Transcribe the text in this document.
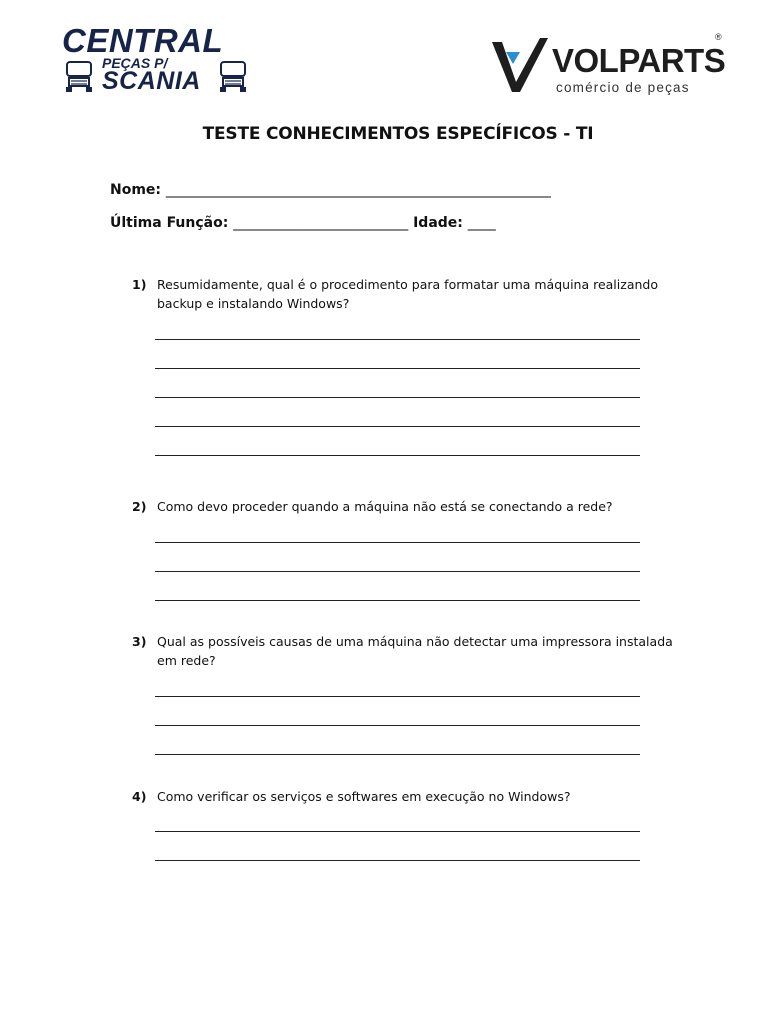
CENTRAL
PEÇAS P/
SCANIA
VOLPARTS
®
comércio de peças
TESTE CONHECIMENTOS ESPECÍFICOS - TI
Nome: _______________________________________________________
Última Função: _________________________ Idade: ____
1) Resumidamente, qual é o procedimento para formatar uma máquina realizando backup e instalando Windows?
2) Como devo proceder quando a máquina não está se conectando a rede?
3) Qual as possíveis causas de uma máquina não detectar uma impressora instalada em rede?
4) Como verificar os serviços e softwares em execução no Windows?
